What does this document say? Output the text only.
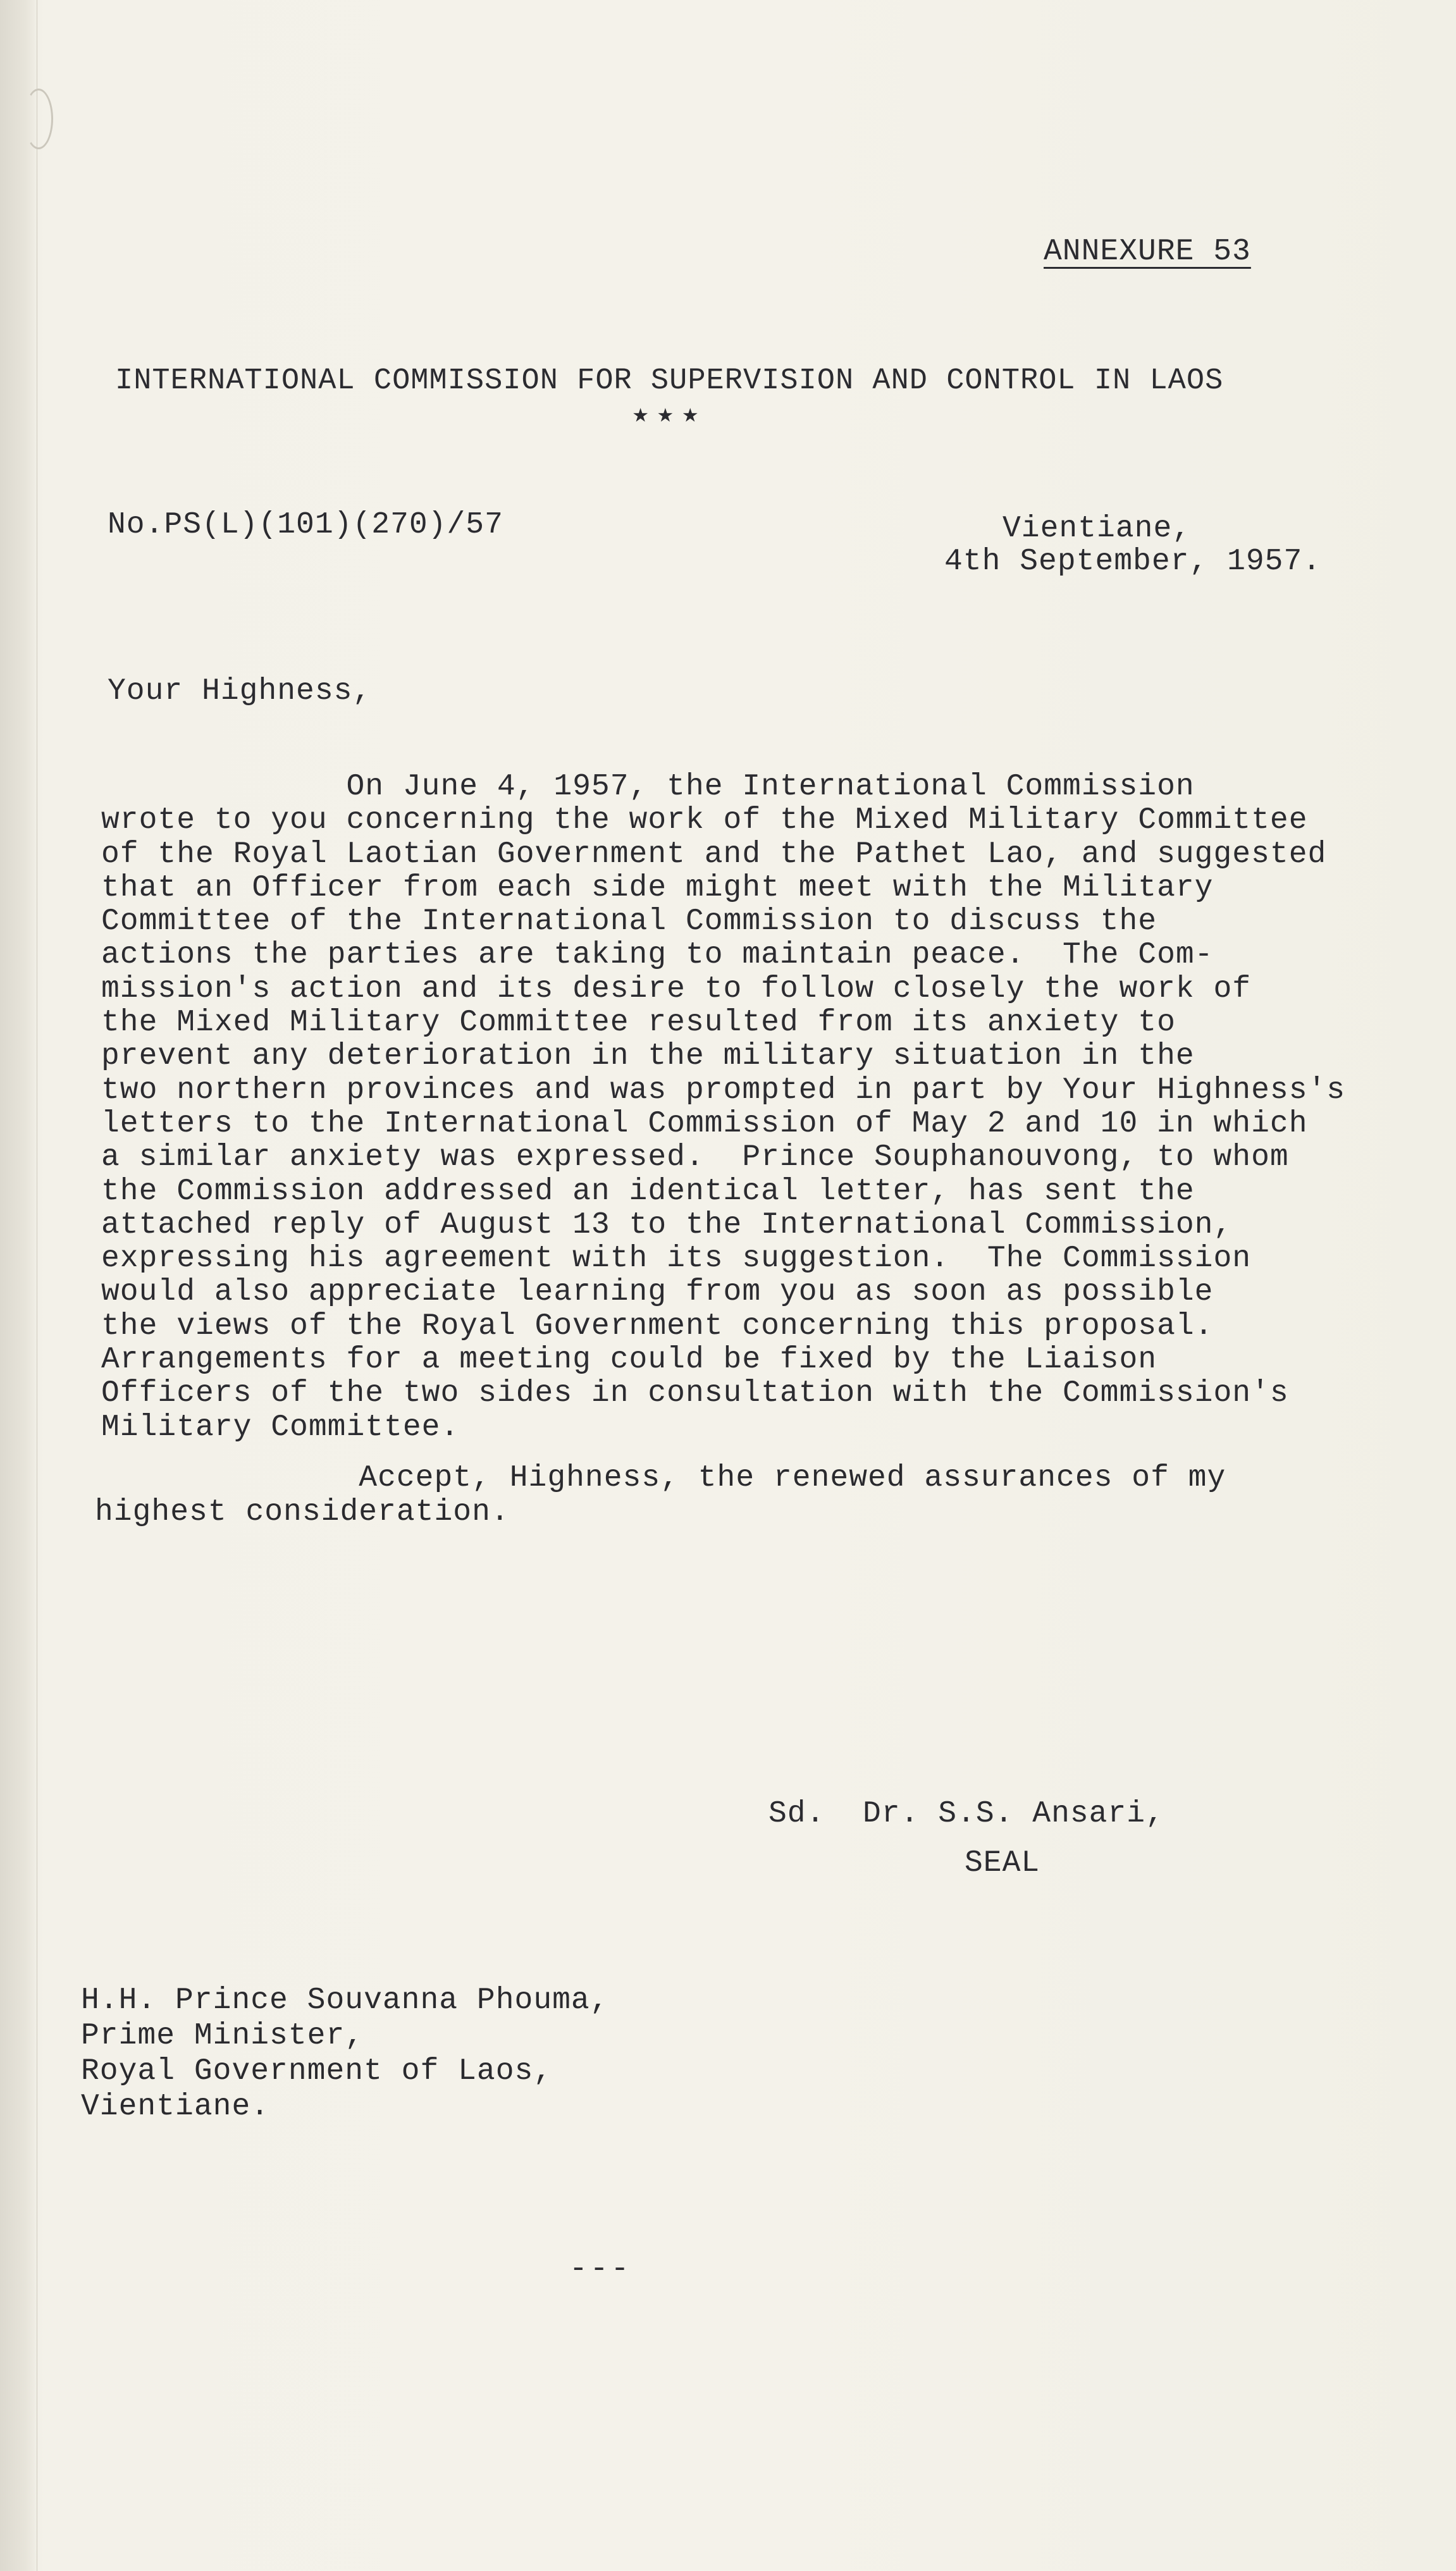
ANNEXURE 53
INTERNATIONAL COMMISSION FOR SUPERVISION AND CONTROL IN LAOS
★★★
No.PS(L)(101)(270)/57	Vientiane,
4th September, 1957.
Your Highness,
On June 4, 1957, the International Commission
wrote to you concerning the work of the Mixed Military Committee
of the Royal Laotian Government and the Pathet Lao, and suggested
that an Officer from each side might meet with the Military
Committee of the International Commission to discuss the
actions the parties are taking to maintain peace.  The Com-
mission's action and its desire to follow closely the work of
the Mixed Military Committee resulted from its anxiety to
prevent any deterioration in the military situation in the
two northern provinces and was prompted in part by Your Highness's
letters to the International Commission of May 2 and 10 in which
a similar anxiety was expressed.  Prince Souphanouvong, to whom
the Commission addressed an identical letter, has sent the
attached reply of August 13 to the International Commission,
expressing his agreement with its suggestion.  The Commission
would also appreciate learning from you as soon as possible
the views of the Royal Government concerning this proposal.
Arrangements for a meeting could be fixed by the Liaison
Officers of the two sides in consultation with the Commission's
Military Committee.
Accept, Highness, the renewed assurances of my
highest consideration.
Sd.  Dr. S.S. Ansari,
SEAL
H.H. Prince Souvanna Phouma,
Prime Minister,
Royal Government of Laos,
Vientiane.
---
